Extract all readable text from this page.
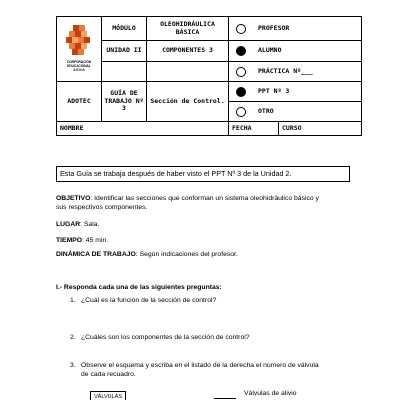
CORPORACIÓN
EDUCACIONAL
ASIVA	MÓDULO	OLEOHIDRÁULICA BÁSICA	PROFESOR	

	UNIDAD II	COMPONENTES 3	ALUMNO	

			PRÁCTICA Nº___	

ADOTEC	GUÍA DE TRABAJO Nº 3	Sección de Control.	PPT Nº 3	

			OTRO	

NOMBRE			FECHA	CURSO
Esta Guía se trabaja después de haber visto el PPT Nº 3 de la Unidad 2.
OBJETIVO: Identificar las secciones que conforman un sistema oleohidráulico básico y
sus respectivos componentes.
LUGAR: Sala.
TIEMPO: 45 min.
DINÁMICA DE TRABAJO: Según indicaciones del profesor.
I.- Responda cada una de las siguientes preguntas:
1. ¿Cuál es la función de la sección de control?
2. ¿Cuáles son los componentes de la sección de control?
3. Observe el esquema y escriba en el listado de la derecha el número de válvula
de cada recuadro.
VÁLVULAS	Válvulas de alivio
